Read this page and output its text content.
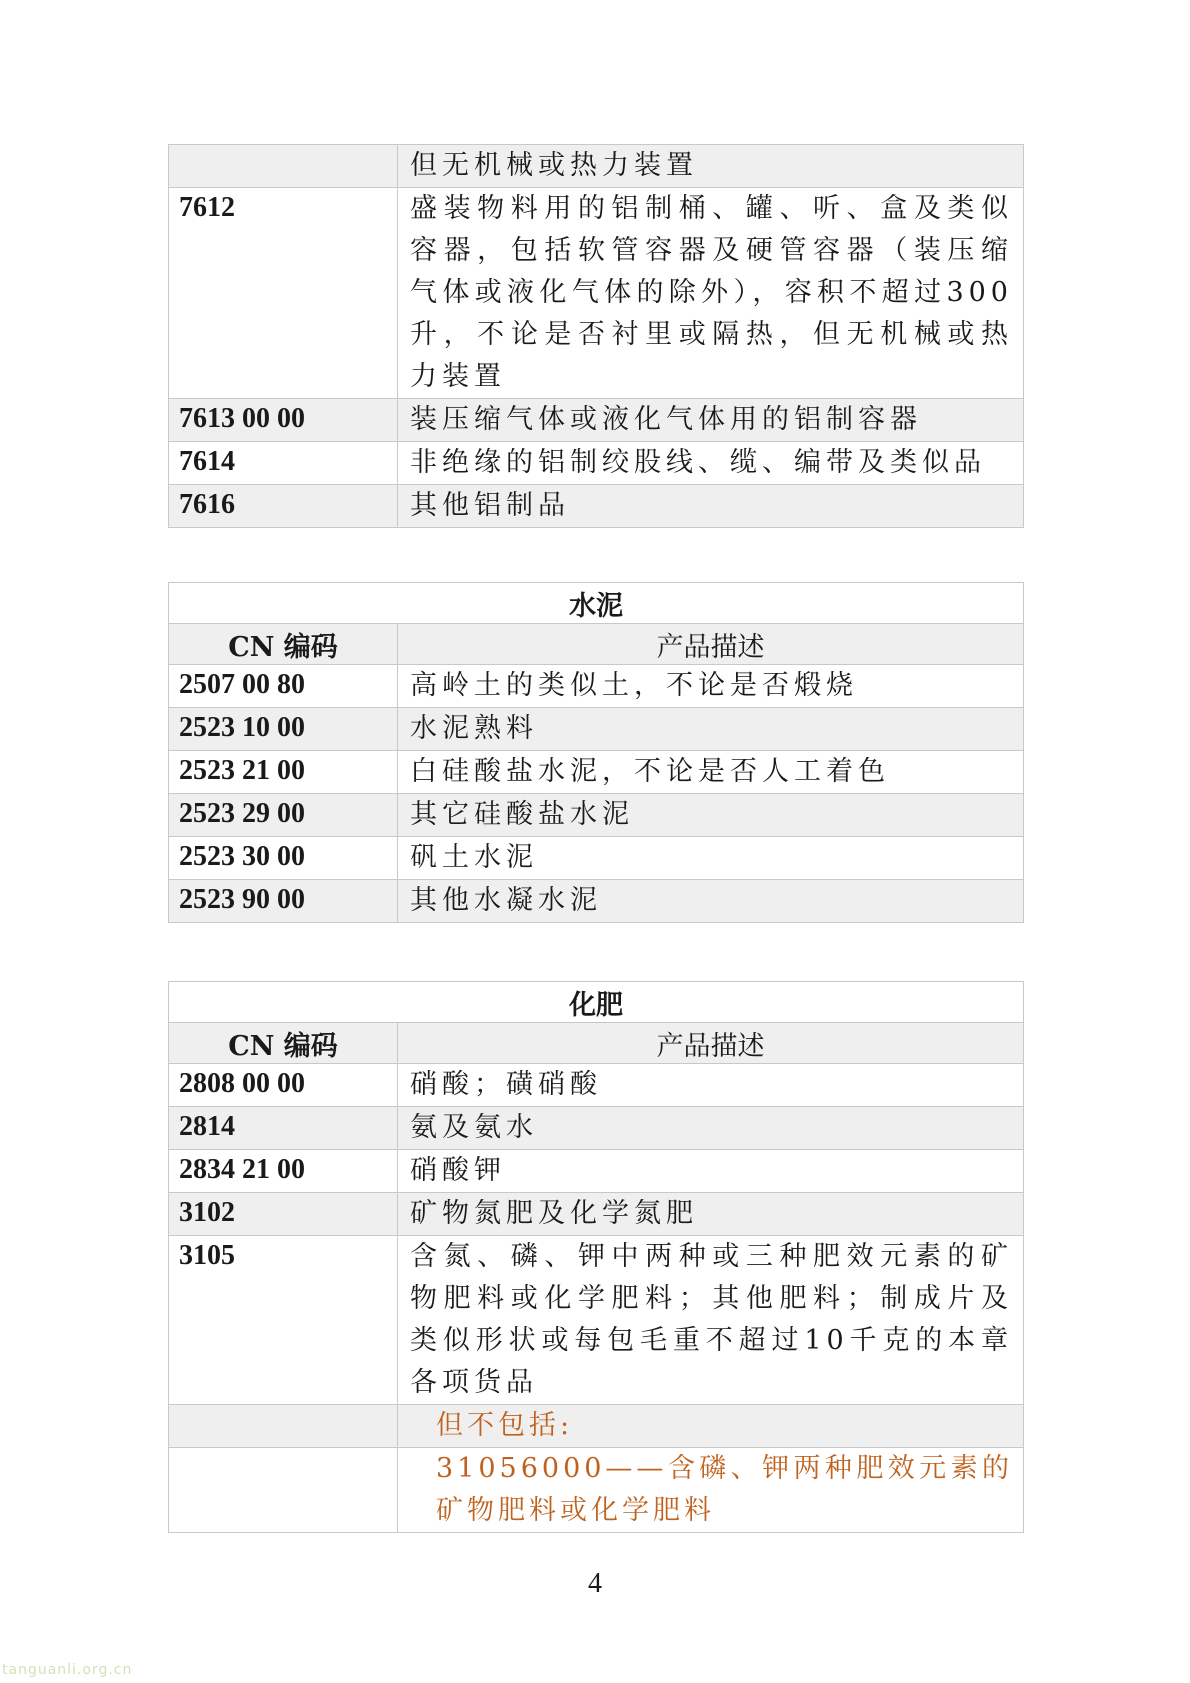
	但无机械或热力装置
7612	盛装物料用的铝制桶、罐、听、盒及类似容器，包括软管容器及硬管容器（装压缩气体或液化气体的除外），容积不超过300升，不论是否衬里或隔热，但无机械或热力装置
7613 00 00	装压缩气体或液化气体用的铝制容器
7614	非绝缘的铝制绞股线、缆、编带及类似品
7616	其他铝制品
水泥	
CN 编码	产品描述
2507 00 80	高岭土的类似土，不论是否煅烧
2523 10 00	水泥熟料
2523 21 00	白硅酸盐水泥，不论是否人工着色
2523 29 00	其它硅酸盐水泥
2523 30 00	矾土水泥
2523 90 00	其他水凝水泥
化肥	
CN 编码	产品描述
2808 00 00	硝酸；磺硝酸
2814	氨及氨水
2834 21 00	硝酸钾
3102	矿物氮肥及化学氮肥
3105	含氮、磷、钾中两种或三种肥效元素的矿物肥料或化学肥料；其他肥料；制成片及类似形状或每包毛重不超过10千克的本章各项货品
	但不包括:
	31056000——含磷、钾两种肥效元素的矿物肥料或化学肥料
4
tanguanli.org.cn
